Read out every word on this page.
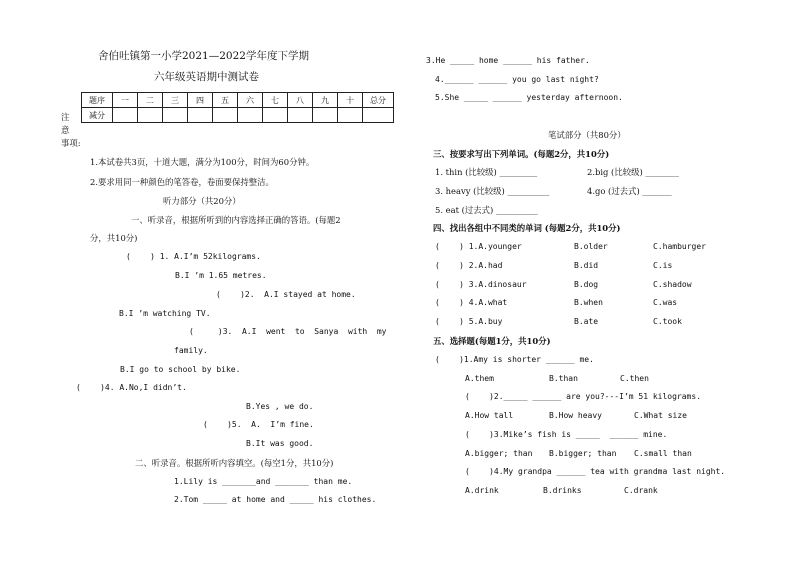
舍伯吐镇第一小学2021—2022学年度下学期
六年级英语期中测试卷
题序	一	二	三	四	五	六	七	八	九	十	总分
减分											
注
意
事项:
1.本试卷共3页，十道大题，满分为100分，时间为60分钟。
2.要求用同一种颜色的笔答卷，卷面要保持整洁。
听力部分（共20分）
一、听录音，根据所听到的内容选择正确的答语。(每题2
分，共10分)
(    ) 1. A.I’m 52kilograms.
B.I ’m 1.65 metres.
(    )2.  A.I stayed at home.
B.I ’m watching TV.
(     )3.  A.I  went  to  Sanya  with  my
family.
B.I go to school by bike.
(    )4. A.No,I didn’t.
B.Yes , we do.
(    )5.  A.  I’m fine.
B.It was good.
二、听录音。根据所听内容填空。(每空1分，共10分)
1.Lily is _______and _______ than me.
2.Tom _____ at home and _____ his clothes.
3.He _____ home ______ his father.
4.______ ______ you go last night?
5.She _____ ______ yesterday afternoon.
笔试部分（共80分）
三、按要求写出下列单词。(每题2分，共10分)
1. thin (比较级) _________	2.big (比较级) ________
3. heavy (比较级) __________	4.go (过去式) _______
5. eat (过去式) __________
四、找出各组中不同类的单词 (每题2分，共10分)
(    ) 1.A.younger	B.older	C.hamburger
(    ) 2.A.had	B.did	C.is
(    ) 3.A.dinosaur	B.dog	C.shadow
(    ) 4.A.what	B.when	C.was
(    ) 5.A.buy	B.ate	C.took
五、选择题(每题1分，共10分)
(    )1.Amy is shorter ______ me.
A.them	B.than	C.then
(    )2._____ ______ are you?---I’m 51 kilograms.
A.How tall	B.How heavy	C.What size
(    )3.Mike’s fish is _____  ______ mine.
A.bigger; than B.bigger; than C.small than
(    )4.My grandpa ______ tea with grandma last night.
A.drink	B.drinks	C.drank
